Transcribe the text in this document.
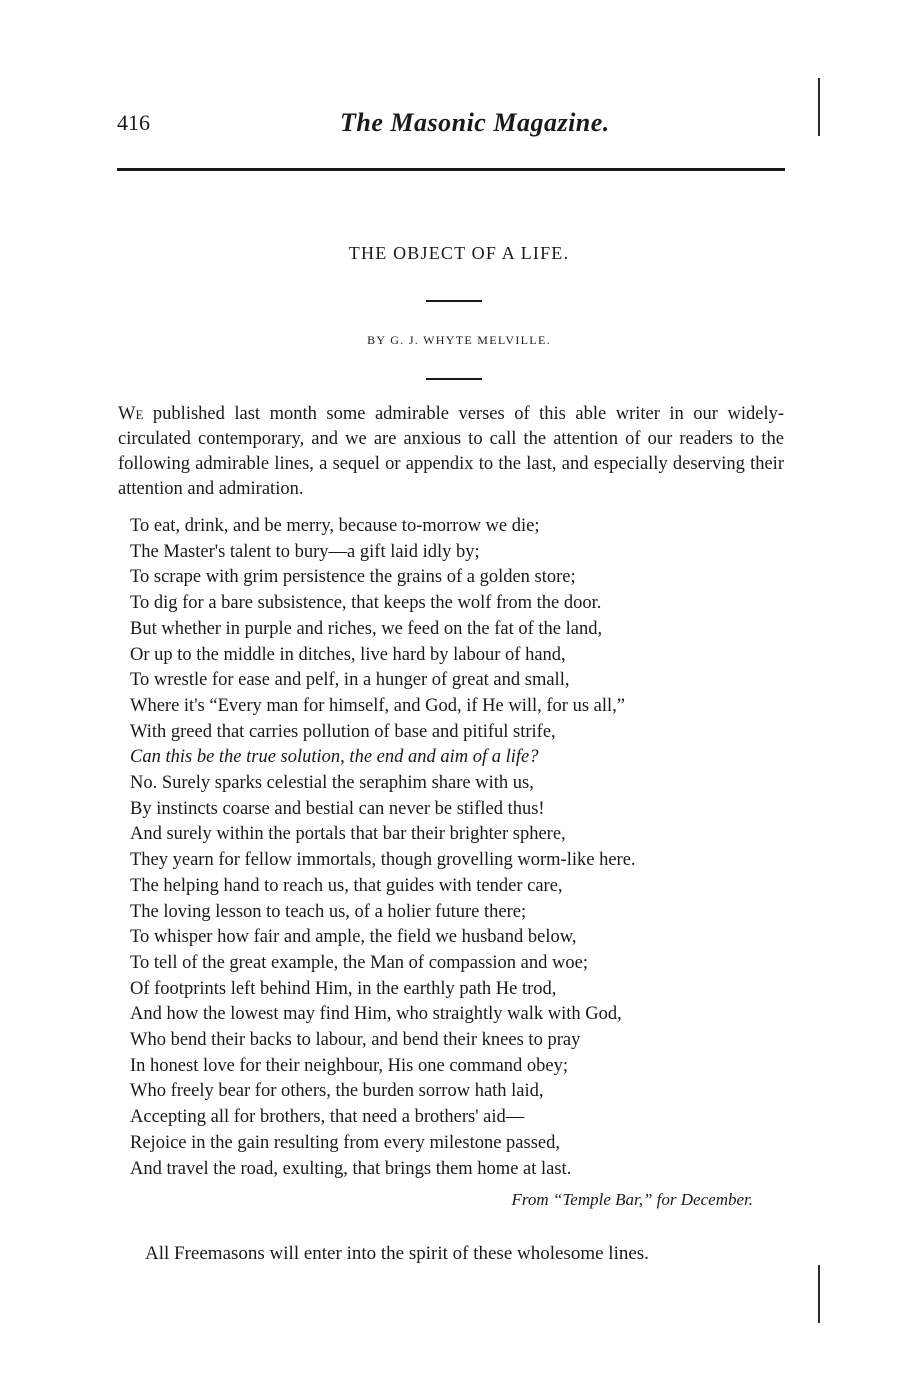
416	The Masonic Magazine.
THE OBJECT OF A LIFE.
BY G. J. WHYTE MELVILLE.

We published last month some admirable verses of this able writer in our widely-circulated contemporary, and we are anxious to call the attention of our readers to the following admirable lines, a sequel or appendix to the last, and especially deserving their attention and admiration.

To eat, drink, and be merry, because to-morrow we die;
The Master's talent to bury—a gift laid idly by;
To scrape with grim persistence the grains of a golden store;
To dig for a bare subsistence, that keeps the wolf from the door.
But whether in purple and riches, we feed on the fat of the land,
Or up to the middle in ditches, live hard by labour of hand,
To wrestle for ease and pelf, in a hunger of great and small,
Where it's “Every man for himself, and God, if He will, for us all,”
With greed that carries pollution of base and pitiful strife,
Can this be the true solution, the end and aim of a life?
No. Surely sparks celestial the seraphim share with us,
By instincts coarse and bestial can never be stifled thus!
And surely within the portals that bar their brighter sphere,
They yearn for fellow immortals, though grovelling worm-like here.
The helping hand to reach us, that guides with tender care,
The loving lesson to teach us, of a holier future there;
To whisper how fair and ample, the field we husband below,
To tell of the great example, the Man of compassion and woe;
Of footprints left behind Him, in the earthly path He trod,
And how the lowest may find Him, who straightly walk with God,
Who bend their backs to labour, and bend their knees to pray
In honest love for their neighbour, His one command obey;
Who freely bear for others, the burden sorrow hath laid,
Accepting all for brothers, that need a brothers' aid—
Rejoice in the gain resulting from every milestone passed,
And travel the road, exulting, that brings them home at last.
From “Temple Bar,” for December.
All Freemasons will enter into the spirit of these wholesome lines.
